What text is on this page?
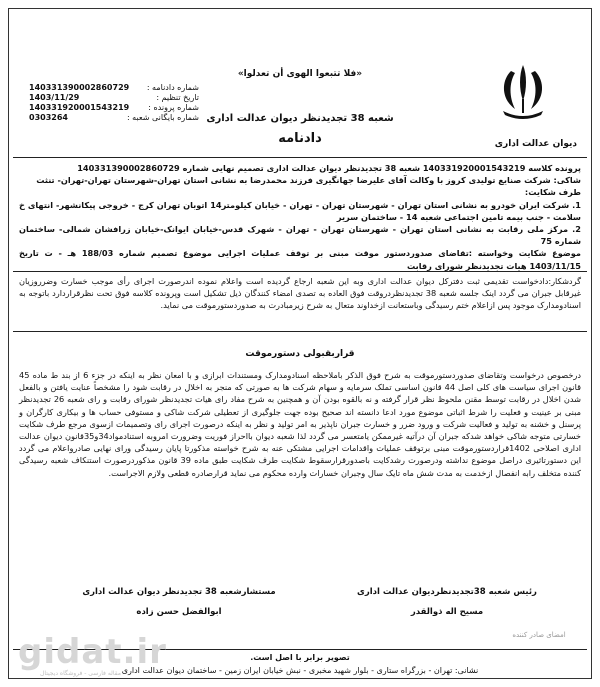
«فلا تتبعوا الهوی أن تعدلوا»
شعبه 38 تجدیدنظر دیوان عدالت اداری
دادنامه	دیوان عدالت اداری
شماره دادنامه :
140331390002860729
تاریخ تنظیم :
1403/11/29
شماره پرونده :
140331920001543219
شماره بایگانی شعبه :
0303264
پرونده کلاسه 140331920001543219 شعبه 38 تجدیدنظر دیوان عدالت اداری تصمیم نهایی شماره 140331390002860729
شاکی: شرکت صنایع تولیدی کروز با وکالت آقای علیرضا جهانگیری فرزند محمدرضا به نشانی استان تهران-شهرستان تهران-تهران- تنثت
طرف شکایت:
1. شرکت ایران خودرو به نشانی استان تهران - شهرستان تهران - تهران - خیابان کیلومتر14 اتوبان تهران کرج - خروجی پیکانشهر- انتهای خ سلامت - جنب بیمه تامین اجتماعی شعبه 14 - ساختمان سریر
2. مرکز ملی رقابت به نشانی استان تهران - شهرستان تهران - تهران - شهرک قدس-خیابان ایوانک-خیابان زرافشان شمالی- ساختمان شماره 75
موضوع شکایت وخواسته :تقاضای صدوردستور موقت مبنی بر توقف عملیات اجرایی موضوع تصمیم شماره 188/03 هـ - ت تاریخ 1403/11/15 هیات تجدیدنظر شورای رقابت
گردشکار:دادخواست تقدیمی ثبت دفترکل دیوان عدالت اداری وبه این شعبه ارجاع گردیده است واعلام نموده اندرصورت اجرای رأی موجب خسارت وضرروزیان غیرقابل جبران می گردد اینک جلسه شعبه 38 تجدیدنظردروقت فوق العاده به تصدی امضاء کنندگان ذیل تشکیل است وپرونده کلاسه فوق تحت نظرقراردارد باتوجه به اسنادومدارک موجود پس ازاعلام ختم رسیدگی وباستعانت ازخداوند متعال به شرح زیرمبادرت به صدوردستورموقت می نماید.
قراربقبولی دستورموقت
درخصوص درخواست وتقاضای صدوردستورموقت به شرح فوق الذکر باملاحظه اسنادومدارک ومستندات ابرازی و با امعان نظر به اینکه در جزء 6 از بند ط ماده 45 قانون اجرای سیاست های کلی اصل 44 قانون اساسی تملک سرمایه و سهام شرکت ها به صورتی که منجر به اخلال در رقابت شود را مشخصاً عنایت یافتن و بالفعل شدن اخلال در رقابت توسط مقنن ملحوظ نظر قرار گرفته و نه بالقوه بودن آن و همچنین به شرح مفاد رای هیات تجدیدنظر شورای رقابت و رای شعبه 26 تجدیدنظر مبنی بر عینیت و فعلیت را شرط اثباتی موضوع مورد ادعا دانسته اند صحیح بوده جهت جلوگیری از تعطیلی شرکت شاکی و مستوفی حساب ها و بیکاری کارگران و پرسنل و خشنه به تولید و فعالیت شرکت و ورود ضرر و خسارت جبران ناپذیر به امر تولید و نظر به اینکه درصورت اجرای رای وتصمیمات ازسوی مرجع طرف شکایت خسارتی متوجه شاکی خواهد شدکه جبران آن درآتیه غیرممکن یامتعسر می گردد لذا شعبه دیوان بااحراز فوریت وضرورت امروبه استنادمواد34و35قانون دیوان عدالت اداری اصلاحی 1402قراردستورموقت مبنی برتوقف عملیات واقدامات اجرایی مشتکی عنه به شرح خواسته مذکورتا پایان رسیدگی ورای نهایی صادرواعلام می گردد این دستورتاثیری دراصل موضوع نداشته ودرصورت رشدکایت باصدورقرارسقوط شکایت طرف شکایت طبق ماده 39 قانون مذکوردرصورت استنکاف شعبه رسیدگی کننده متخلف رابه انفصال ازخدمت به مدت شش ماه تایک سال وجبران خسارات وارده محکوم می نماید قرارصادره قطعی ولازم الاجراست.
رئیس شعبه 38تجدیدنظردیوان عدالت اداری
مسیح اله ذوالقدر
مستشارشعبه 38 تجدیدنظر دیوان عدالت اداری
ابوالفضل حسن زاده
امضای صادر کننده
تصویر برابر با اصل است.
نشانی: تهران - بزرگراه ستاری - بلوار شهید مخبری - نبش خیابان ایران زمین - ساختمان دیوان عدالت اداری
gidat.ir
مقاله فارسی - فروشگاه دیجیتال
